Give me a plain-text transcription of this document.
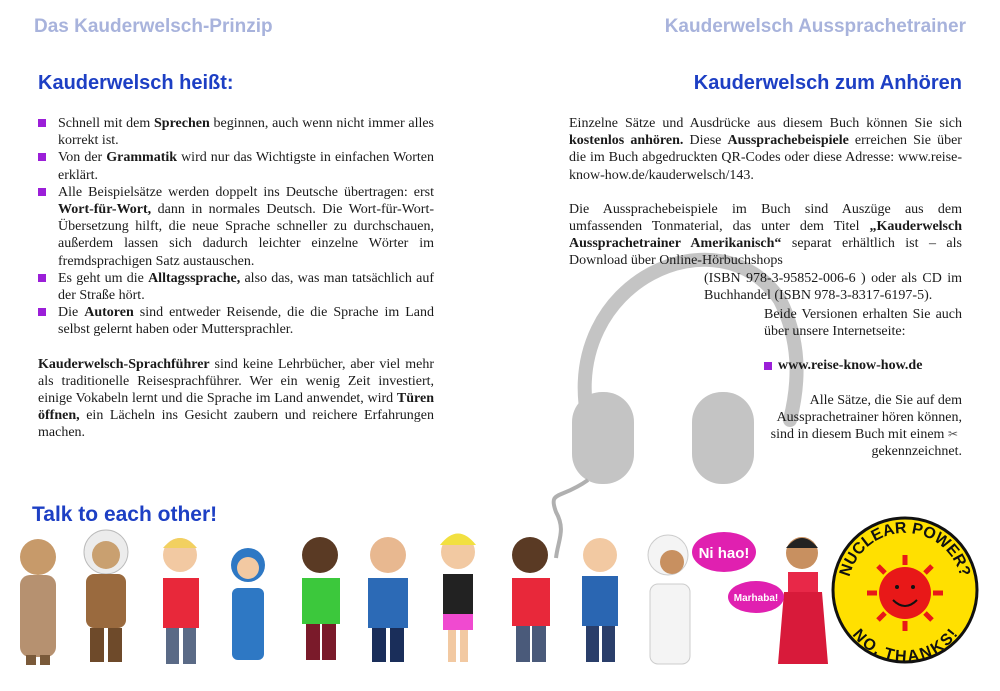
Das Kauderwelsch-Prinzip	Kauderwelsch Aussprachetrainer
Kauderwelsch heißt:
Schnell mit dem Sprechen beginnen, auch wenn nicht immer alles korrekt ist.
Von der Grammatik wird nur das Wichtigste in einfachen Worten erklärt.
Alle Beispielsätze werden doppelt ins Deutsche übertragen: erst Wort-für-Wort, dann in normales Deutsch. Die Wort-für-Wort-Übersetzung hilft, die neue Sprache schneller zu durchschauen, außerdem lassen sich dadurch leichter einzelne Wörter im fremdsprachigen Satz austauschen.
Es geht um die Alltagssprache, also das, was man tatsächlich auf der Straße hört.
Die Autoren sind entweder Reisende, die die Sprache im Land selbst gelernt haben oder Muttersprachler.

Kauderwelsch-Sprachführer sind keine Lehrbücher, aber viel mehr als traditionelle Reisesprachführer. Wer ein wenig Zeit investiert, einige Vokabeln lernt und die Sprache im Land anwendet, wird Türen öffnen, ein Lächeln ins Gesicht zaubern und reichere Erfahrungen machen.

Kauderwelsch zum Anhören

Einzelne Sätze und Ausdrücke aus diesem Buch können Sie sich kostenlos anhören. Diese Aussprachebeispiele erreichen Sie über die im Buch abgedruckten QR-Codes oder diese Adresse: www.reise-know-how.de/kauderwelsch/143.

Die Aussprachebeispiele im Buch sind Auszüge aus dem umfassenden Tonmaterial, das unter dem Titel „Kauderwelsch Aussprachetrainer Amerikanisch“ separat erhältlich ist – als Download über Online-Hörbuchshops

(ISBN 978-3-95852-006-6 ) oder als CD im Buchhandel (ISBN 978-3-8317-6197-5).

Beide Versionen erhalten Sie auch über unsere Internetseite:

www.reise-know-how.de

Alle Sätze, die Sie auf dem Aussprachetrainer hören können, sind in diesem Buch mit einem ✂gekennzeichnet.

Talk to each other!
Ni hao!
Marhaba!
NUCLEAR POWER?
NO, THANKS!
